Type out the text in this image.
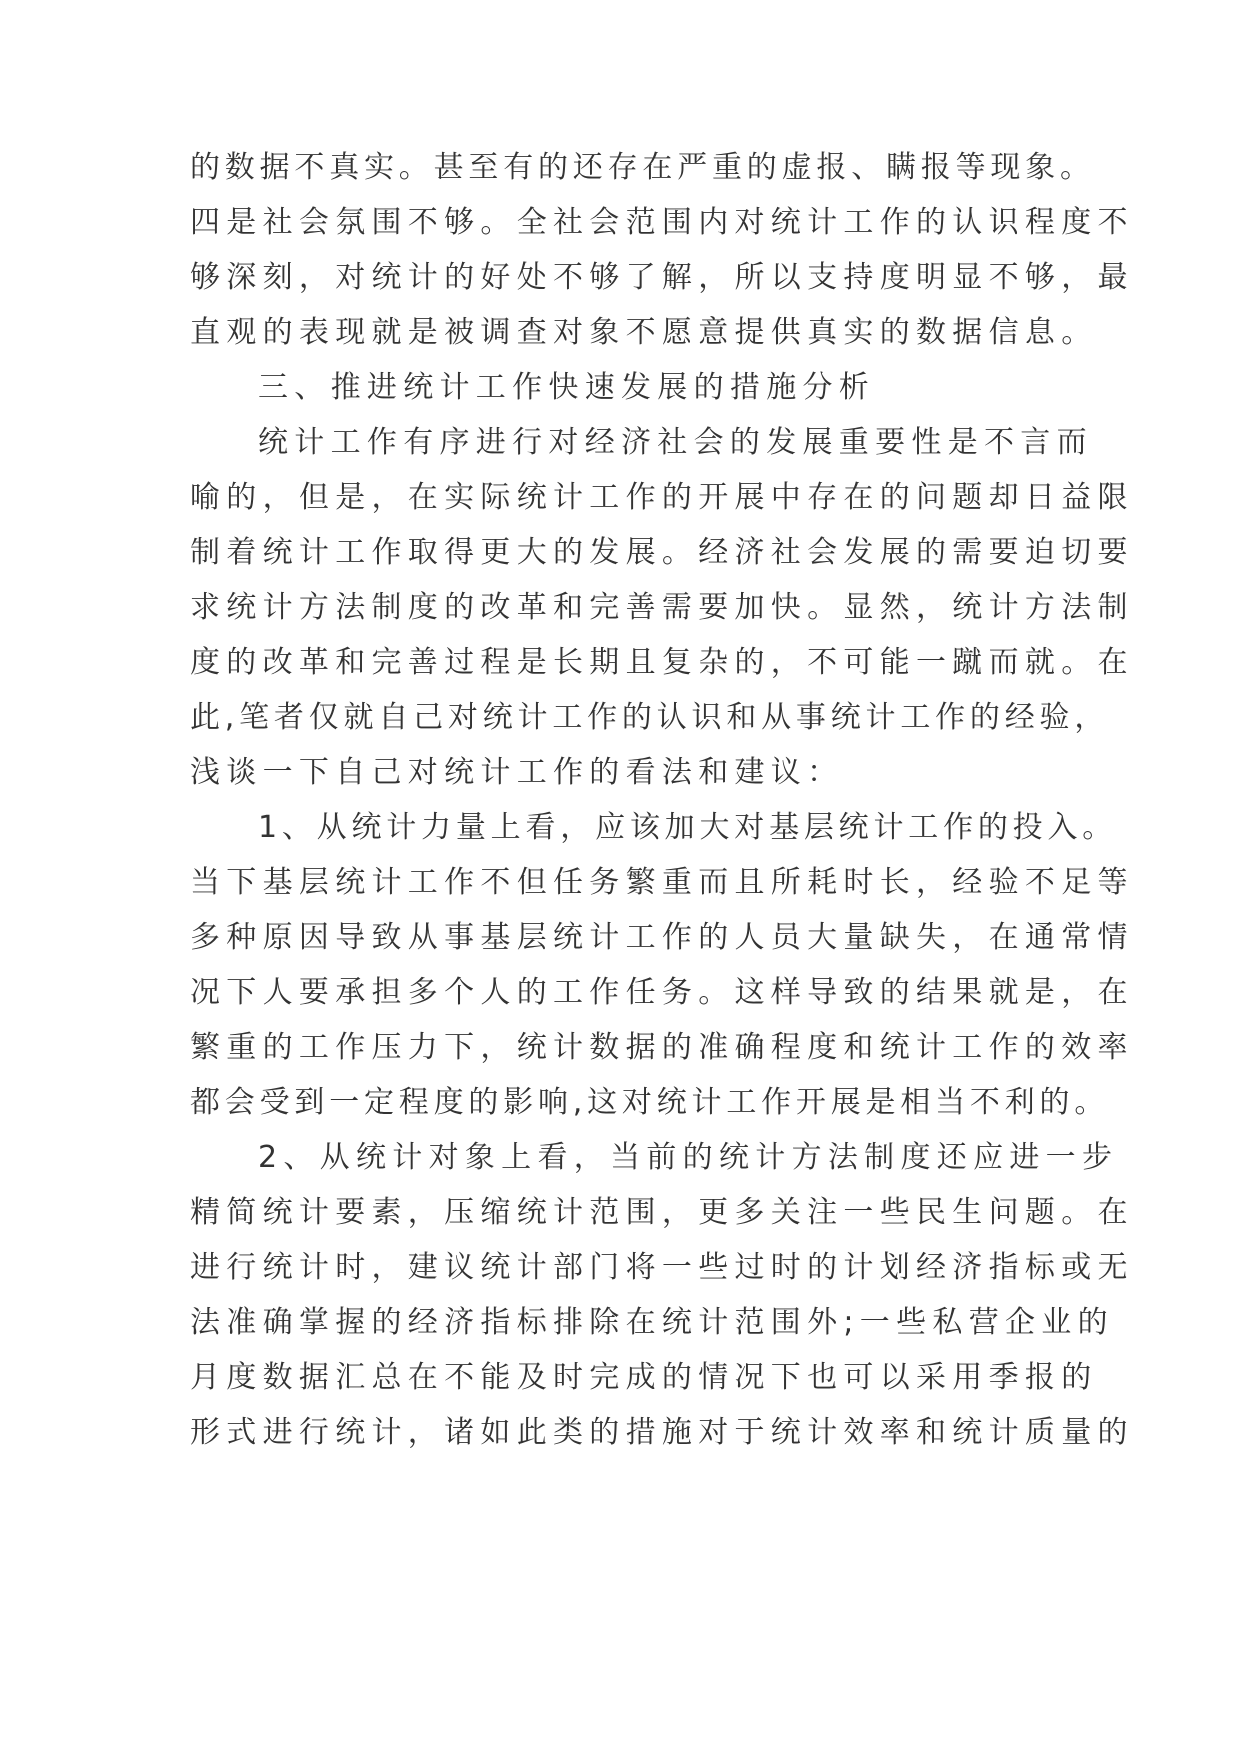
的数据不真实。甚至有的还存在严重的虚报、瞒报等现象。
四是社会氛围不够。全社会范围内对统计工作的认识程度不
够深刻，对统计的好处不够了解，所以支持度明显不够，最
直观的表现就是被调查对象不愿意提供真实的数据信息。
三、推进统计工作快速发展的措施分析
统计工作有序进行对经济社会的发展重要性是不言而
喻的，但是，在实际统计工作的开展中存在的问题却日益限
制着统计工作取得更大的发展。经济社会发展的需要迫切要
求统计方法制度的改革和完善需要加快。显然，统计方法制
度的改革和完善过程是长期且复杂的，不可能一蹴而就。在
此,笔者仅就自己对统计工作的认识和从事统计工作的经验，
浅谈一下自己对统计工作的看法和建议：
1、从统计力量上看，应该加大对基层统计工作的投入。
当下基层统计工作不但任务繁重而且所耗时长，经验不足等
多种原因导致从事基层统计工作的人员大量缺失，在通常情
况下人要承担多个人的工作任务。这样导致的结果就是，在
繁重的工作压力下，统计数据的准确程度和统计工作的效率
都会受到一定程度的影响,这对统计工作开展是相当不利的。
2、从统计对象上看，当前的统计方法制度还应进一步
精简统计要素，压缩统计范围，更多关注一些民生问题。在
进行统计时，建议统计部门将一些过时的计划经济指标或无
法准确掌握的经济指标排除在统计范围外;一些私营企业的
月度数据汇总在不能及时完成的情况下也可以采用季报的
形式进行统计，诸如此类的措施对于统计效率和统计质量的
